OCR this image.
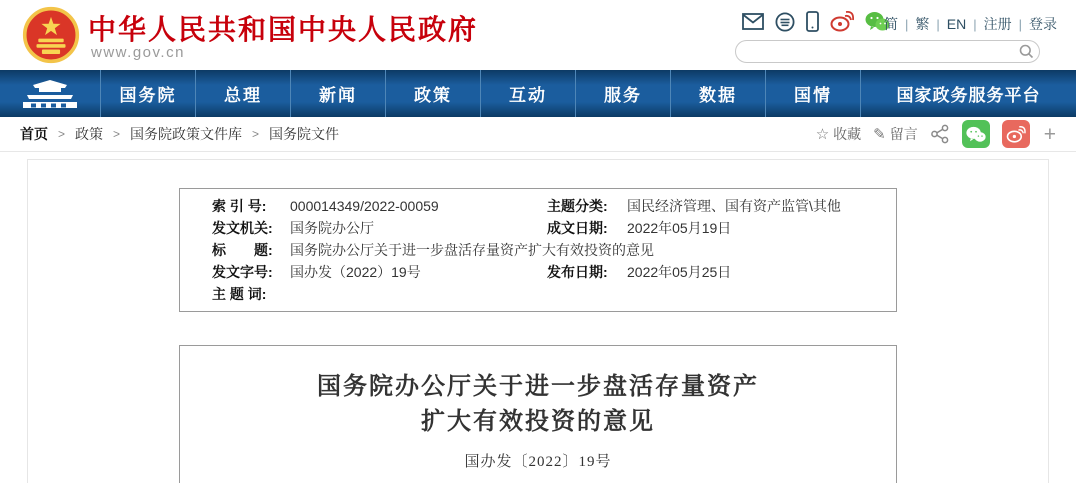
中华人民共和国中央人民政府
www.gov.cn
简 | 繁 | EN | 注册 | 登录
国务院	总理	新闻	政策	互动	服务	数据	国情	国家政务服务平台
首页 > 政策 > 国务院政策文件库 > 国务院文件	☆ 收藏 ✎ 留言	+
索 引 号:	000014349/2022-00059	主题分类:	国民经济管理、国有资产监管\其他
发文机关:	国务院办公厅	成文日期:	2022年05月19日
标　　题:	国务院办公厅关于进一步盘活存量资产扩大有效投资的意见
发文字号:	国办发（2022）19号	发布日期:	2022年05月25日
主 题 词:
国务院办公厅关于进一步盘活存量资产
扩大有效投资的意见
国办发〔2022〕19号
